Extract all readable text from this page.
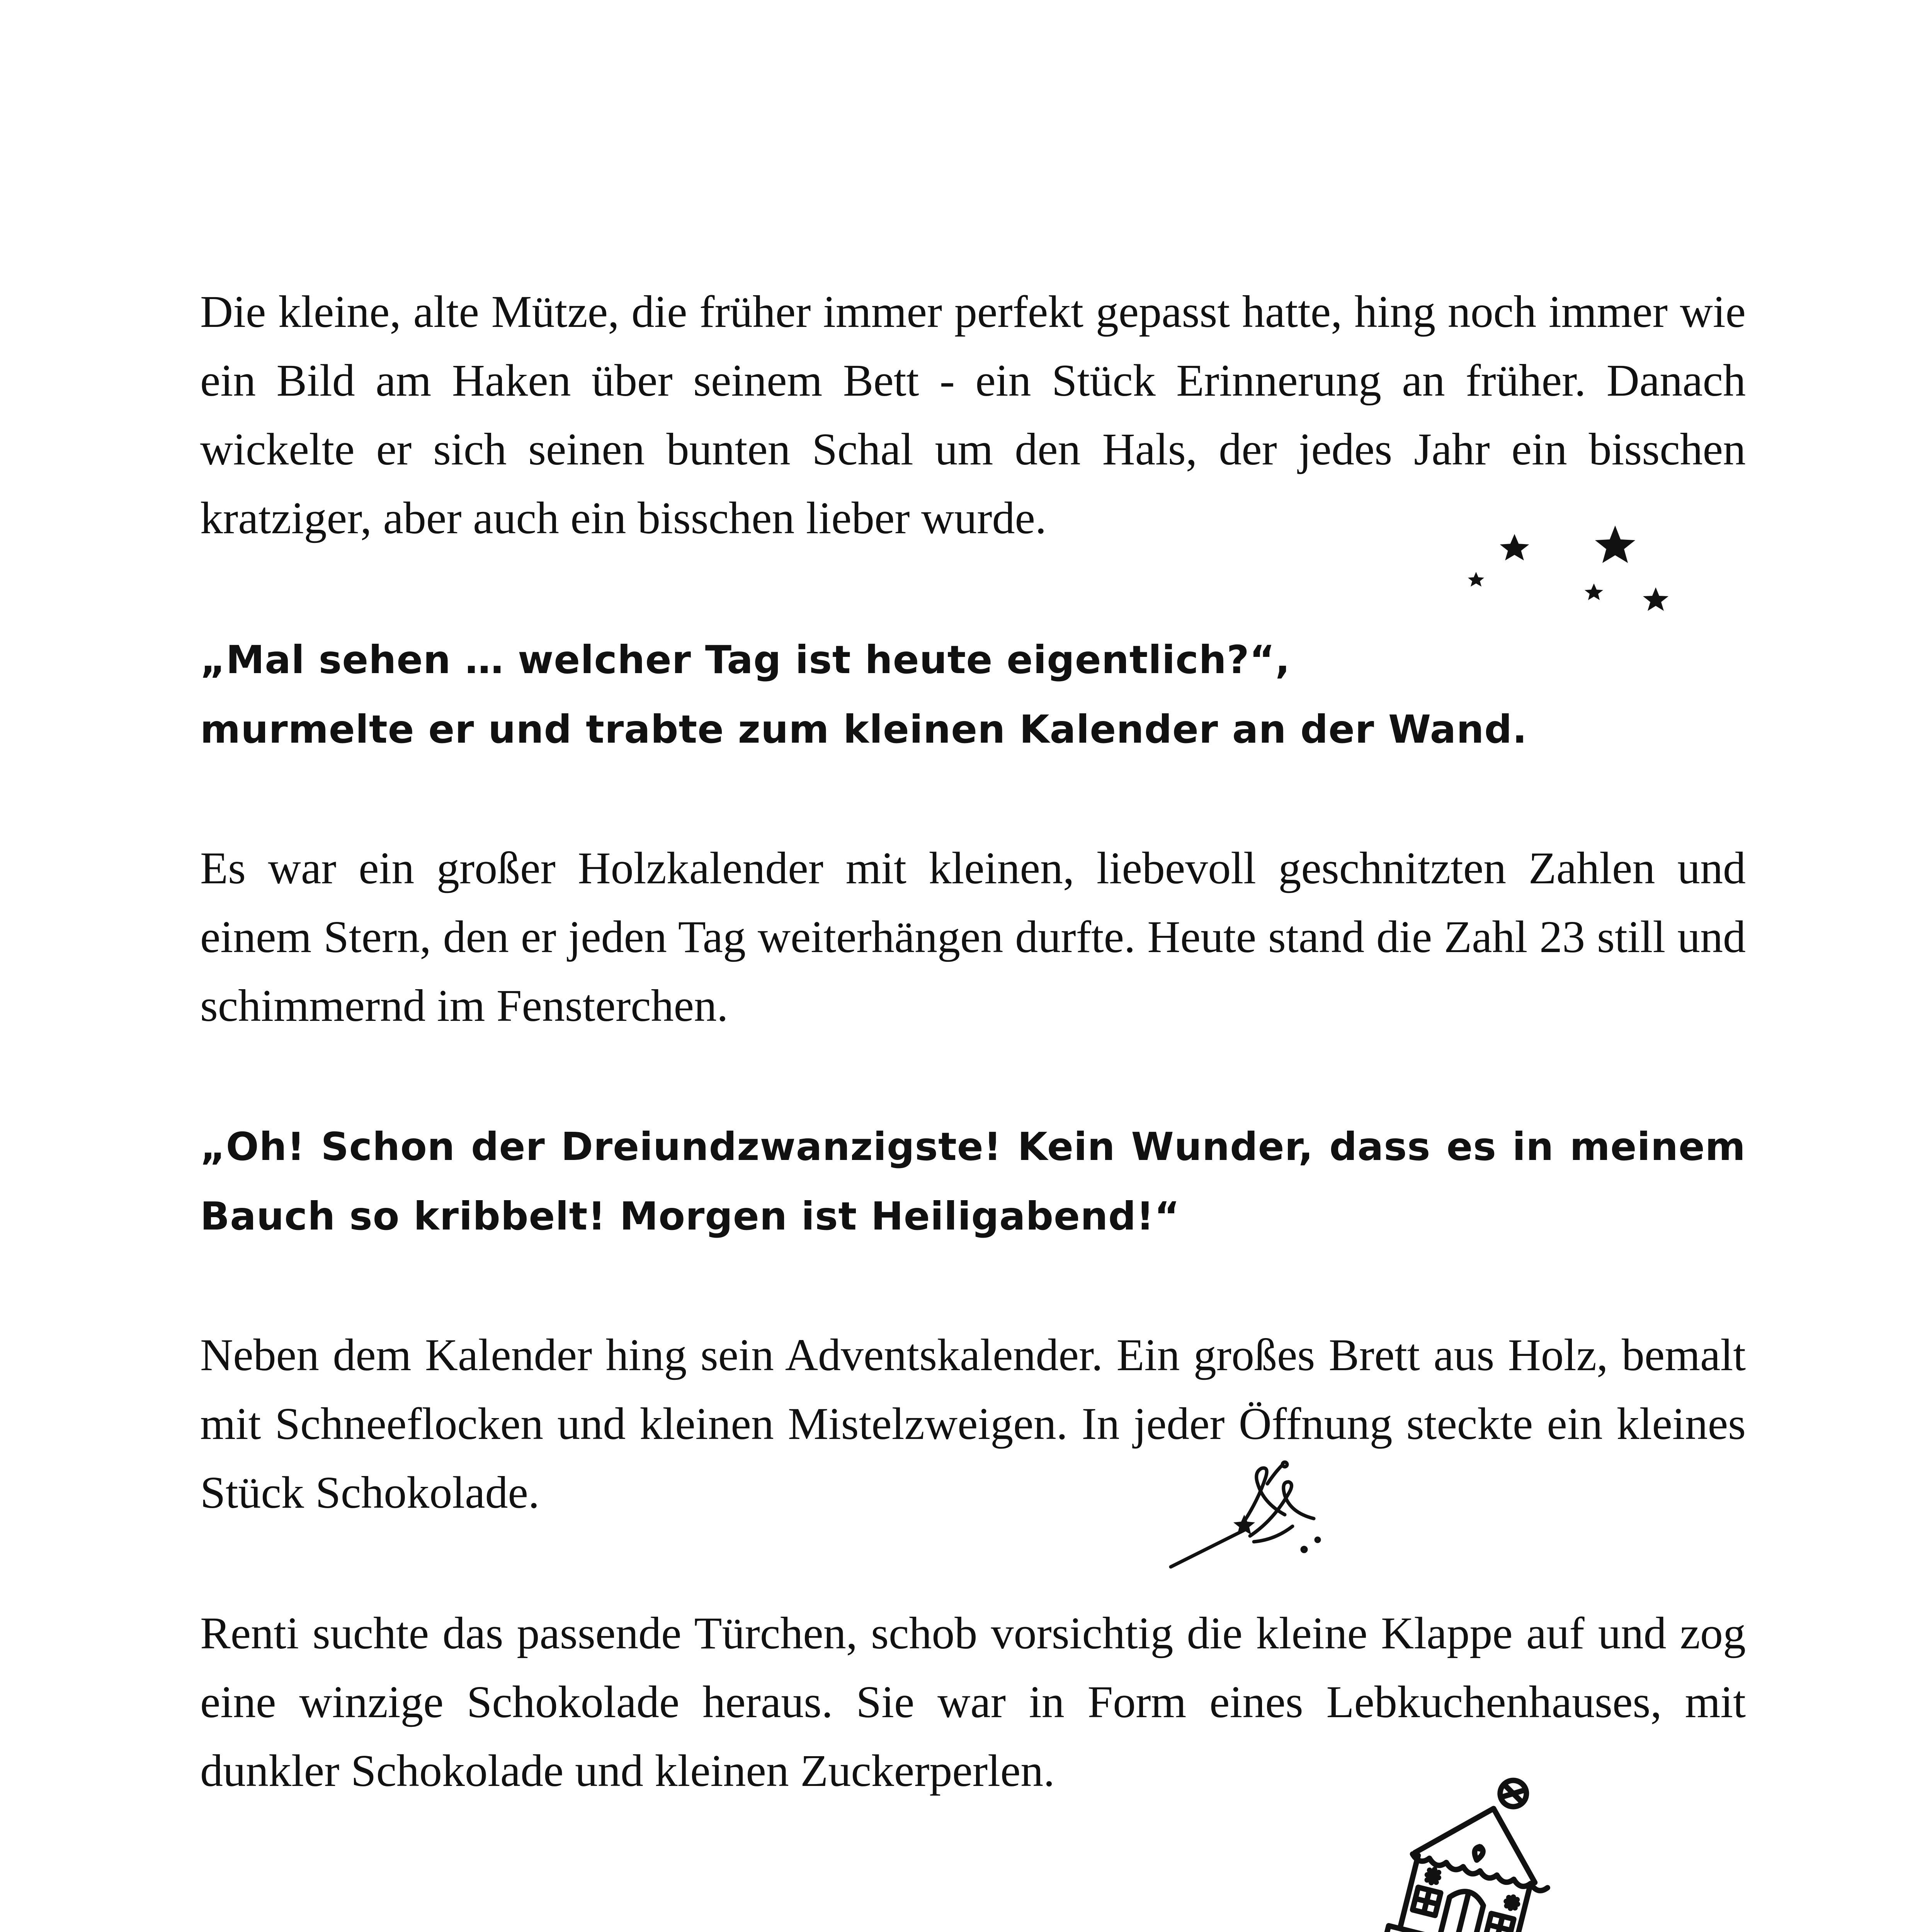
Die kleine, alte Mütze, die früher immer perfekt gepasst hatte, hing noch immer wie ein Bild am Haken über seinem Bett - ein Stück Erinnerung an früher. Danach wickelte er sich seinen bunten Schal um den Hals, der jedes Jahr ein bisschen kratziger, aber auch ein bisschen lieber wurde.

„Mal sehen … welcher Tag ist heute eigentlich?“,
murmelte er und trabte zum kleinen Kalender an der Wand.

Es war ein großer Holzkalender mit kleinen, liebevoll geschnitzten Zahlen und einem Stern, den er jeden Tag weiterhängen durfte. Heute stand die Zahl 23 still und schimmernd im Fensterchen.

„Oh! Schon der Dreiundzwanzigste! Kein Wunder, dass es in meinem Bauch so kribbelt! Morgen ist Heiligabend!“

Neben dem Kalender hing sein Adventskalender. Ein großes Brett aus Holz, bemalt mit Schneeflocken und kleinen Mistelzweigen. In jeder Öffnung steckte ein kleines Stück Schokolade.

Renti suchte das passende Türchen, schob vorsichtig die kleine Klappe auf und zog eine winzige Schokolade heraus. Sie war in Form eines Lebkuchenhauses, mit dunkler Schokolade und kleinen Zuckerperlen.
